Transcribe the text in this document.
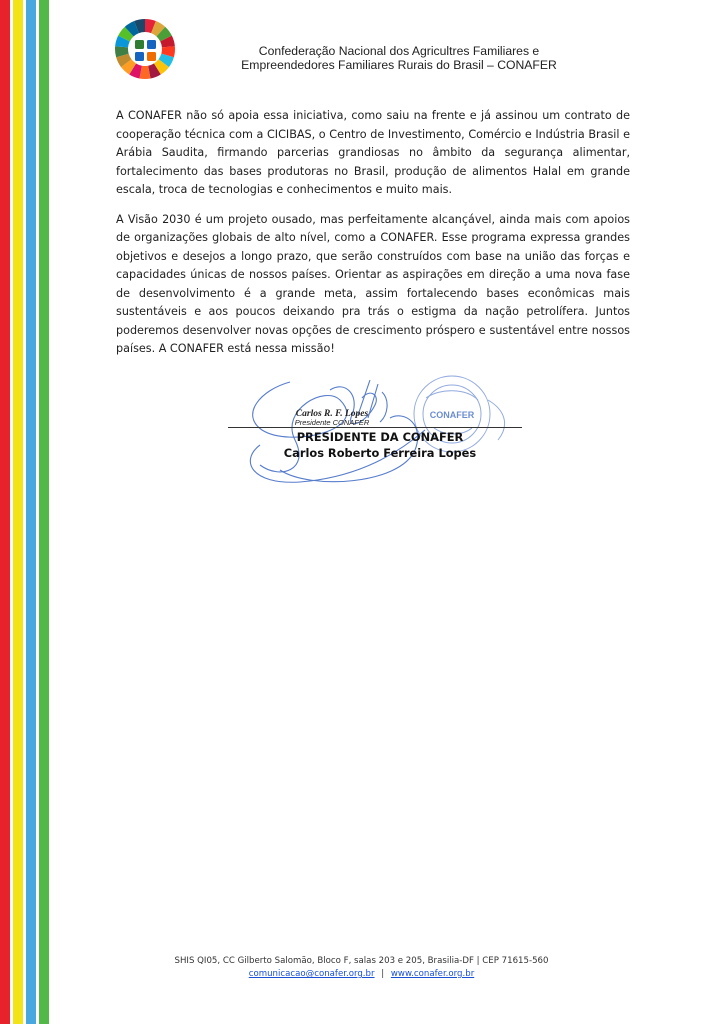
Confederação Nacional dos Agricultres Familiares e
Empreendedores Familiares Rurais do Brasil – CONAFER

A CONAFER não só apoia essa iniciativa, como saiu na frente e já assinou um contrato de cooperação técnica com a CICIBAS, o Centro de Investimento, Comércio e Indústria Brasil e Arábia Saudita, firmando parcerias grandiosas no âmbito da segurança alimentar, fortalecimento das bases produtoras no Brasil, produção de alimentos Halal em grande escala, troca de tecnologias e conhecimentos e muito mais.

A Visão 2030 é um projeto ousado, mas perfeitamente alcançável, ainda mais com apoios de organizações globais de alto nível, como a CONAFER. Esse programa expressa grandes objetivos e desejos a longo prazo, que serão construídos com base na união das forças e capacidades únicas de nossos países. Orientar as aspirações em direção a uma nova fase de desenvolvimento é a grande meta, assim fortalecendo bases econômicas mais sustentáveis e aos poucos deixando pra trás o estigma da nação petrolífera. Juntos poderemos desenvolver novas opções de crescimento próspero e sustentável entre nossos países. A CONAFER está nessa missão!

CONAFER
Carlos R. F. Lopes
Presidente CONAFER
PRESIDENTE DA CONAFER
Carlos Roberto Ferreira Lopes
SHIS QI05, CC Gilberto Salomão, Bloco F, salas 203 e 205, Brasilia-DF | CEP 71615-560
comunicacao@conafer.org.br | www.conafer.org.br
